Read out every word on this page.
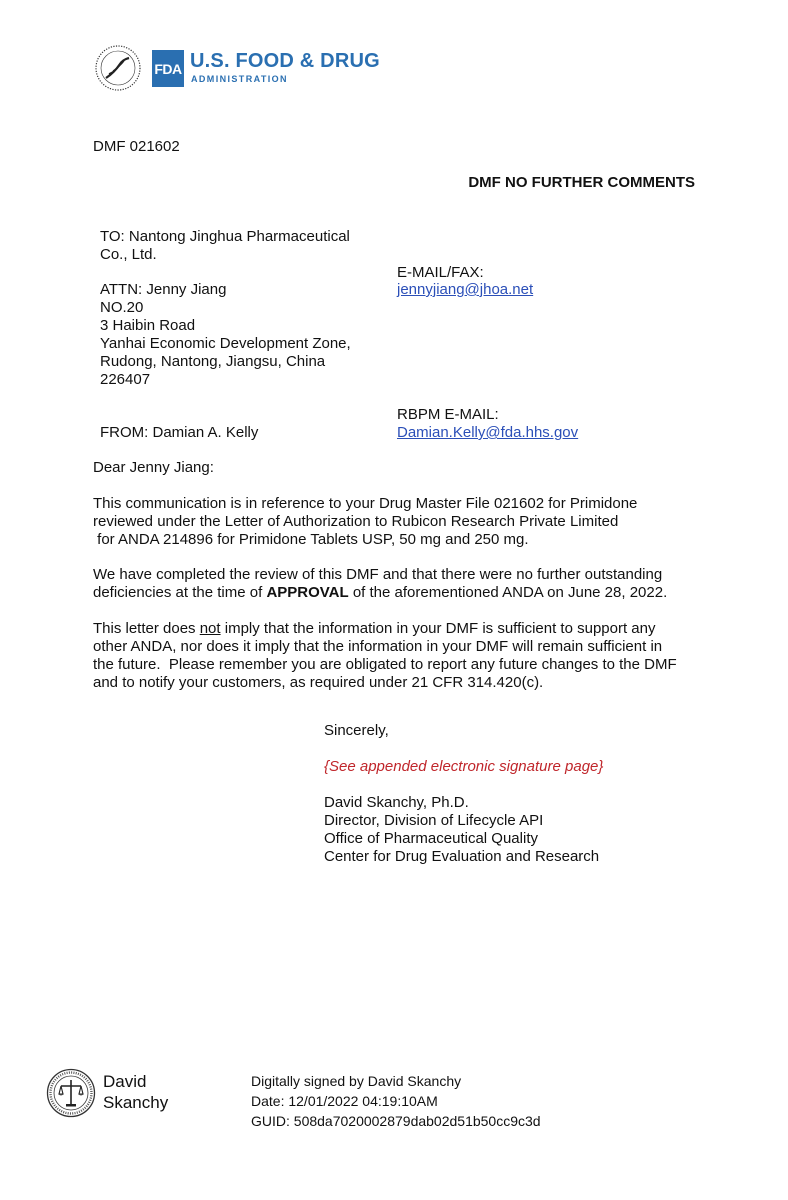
FDA U.S. FOOD & DRUG
ADMINISTRATION
DMF 021602
DMF NO FURTHER COMMENTS
TO: Nantong Jinghua Pharmaceutical
Co., Ltd.
ATTN: Jenny Jiang
NO.20
3 Haibin Road
Yanhai Economic Development Zone,
Rudong, Nantong, Jiangsu, China
226407
FROM: Damian A. Kelly
E-MAIL/FAX:
jennyjiang@jhoa.net
RBPM E-MAIL:
Damian.Kelly@fda.hhs.gov
Dear Jenny Jiang:
This communication is in reference to your Drug Master File 021602 for Primidone
reviewed under the Letter of Authorization to Rubicon Research Private Limited
for ANDA 214896 for Primidone Tablets USP, 50 mg and 250 mg.
We have completed the review of this DMF and that there were no further outstanding
deficiencies at the time of APPROVAL of the aforementioned ANDA on June 28, 2022.
This letter does not imply that the information in your DMF is sufficient to support any
other ANDA, nor does it imply that the information in your DMF will remain sufficient in
the future.  Please remember you are obligated to report any future changes to the DMF
and to notify your customers, as required under 21 CFR 314.420(c).
Sincerely,
{See appended electronic signature page}
David Skanchy, Ph.D.
Director, Division of Lifecycle API
Office of Pharmaceutical Quality
Center for Drug Evaluation and Research
David
Skanchy
Digitally signed by David Skanchy
Date: 12/01/2022 04:19:10AM
GUID: 508da7020002879dab02d51b50cc9c3d
